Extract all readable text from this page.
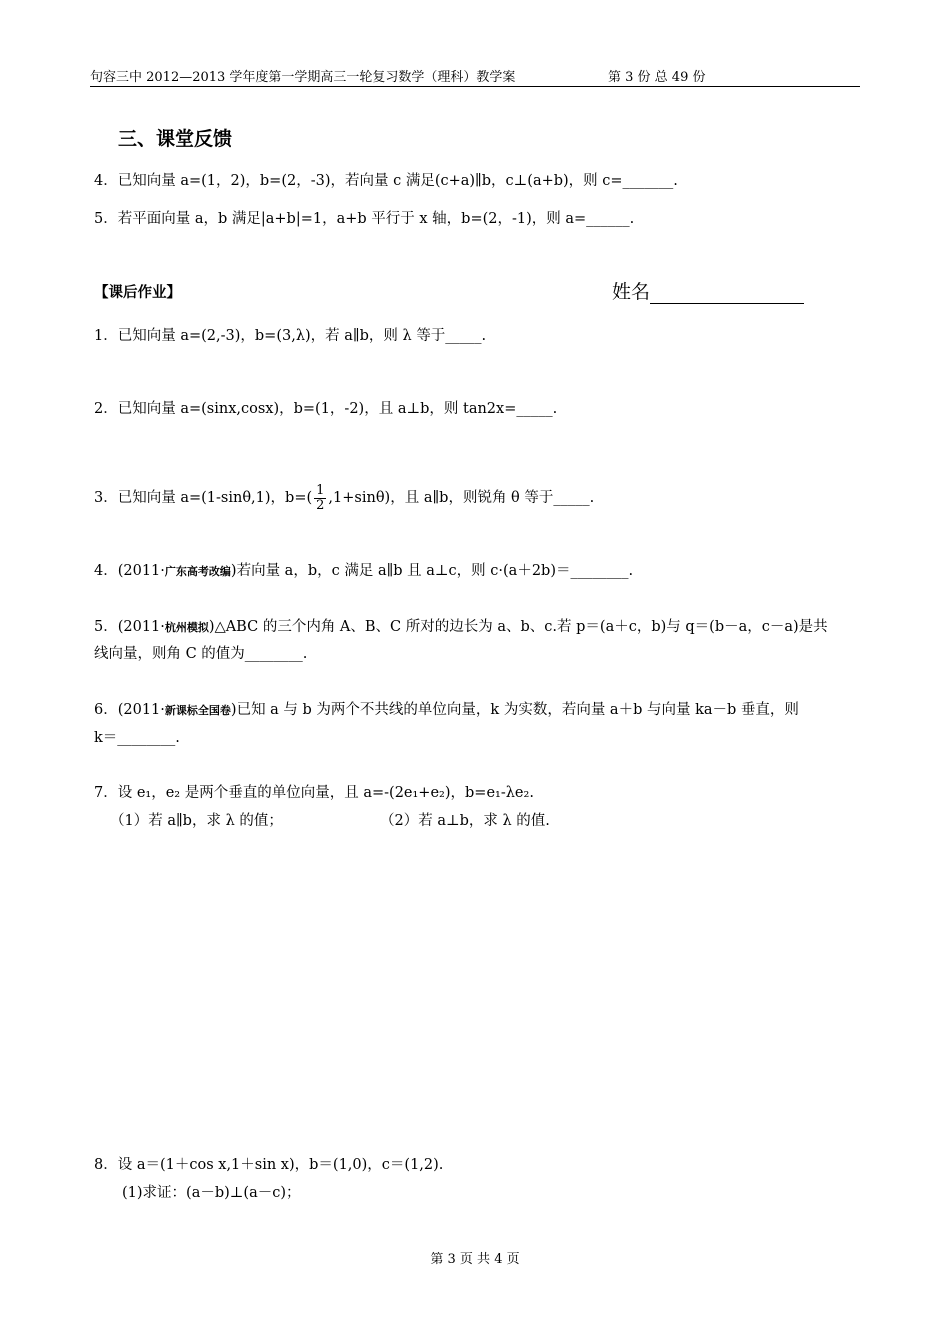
句容三中 2012—2013 学年度第一学期高三一轮复习数学（理科）教学案	第 3 份 总 49 份
三、课堂反馈
4．已知向量 a=(1，2)，b=(2，-3)，若向量 c 满足(c+a)∥b，c⊥(a+b)，则 c=_______.
5．若平面向量 a，b 满足|a+b|=1，a+b 平行于 x 轴，b=(2，-1)，则 a=______.
【课后作业】	姓名
1．已知向量 a=(2,-3)，b=(3,λ)，若 a∥b，则 λ 等于_____.
2．已知向量 a=(sinx,cosx)，b=(1，-2)，且 a⊥b，则 tan2x=_____.
3．已知向量 a=(1-sinθ,1)，$b=( \frac{1}{2} ,1+\sin\theta)$，且 a∥b，则锐角 θ 等于_____.
4．(2011·广东高考改编)若向量 a，b，c 满足 a∥b 且 a⊥c，则 c·(a＋2b)＝________.
5．(2011·杭州模拟)△ABC 的三个内角 A、B、C 所对的边长为 a、b、c.若 p＝(a＋c，b)与 q＝(b－a，c－a)是共
线向量，则角 C 的值为________.
6．(2011·新课标全国卷)已知 a 与 b 为两个不共线的单位向量，k 为实数，若向量 a＋b 与向量 ka－b 垂直，则
k＝________.
7．设 e₁，e₂ 是两个垂直的单位向量，且 a=-(2e₁+e₂)，b=e₁-λe₂.
（1）若 a∥b，求 λ 的值；	（2）若 a⊥b，求 λ 的值.
8．设 a＝(1＋cos x,1＋sin x)，b＝(1,0)，c＝(1,2).
(1)求证：(a－b)⊥(a－c)；
第 3 页 共 4 页
